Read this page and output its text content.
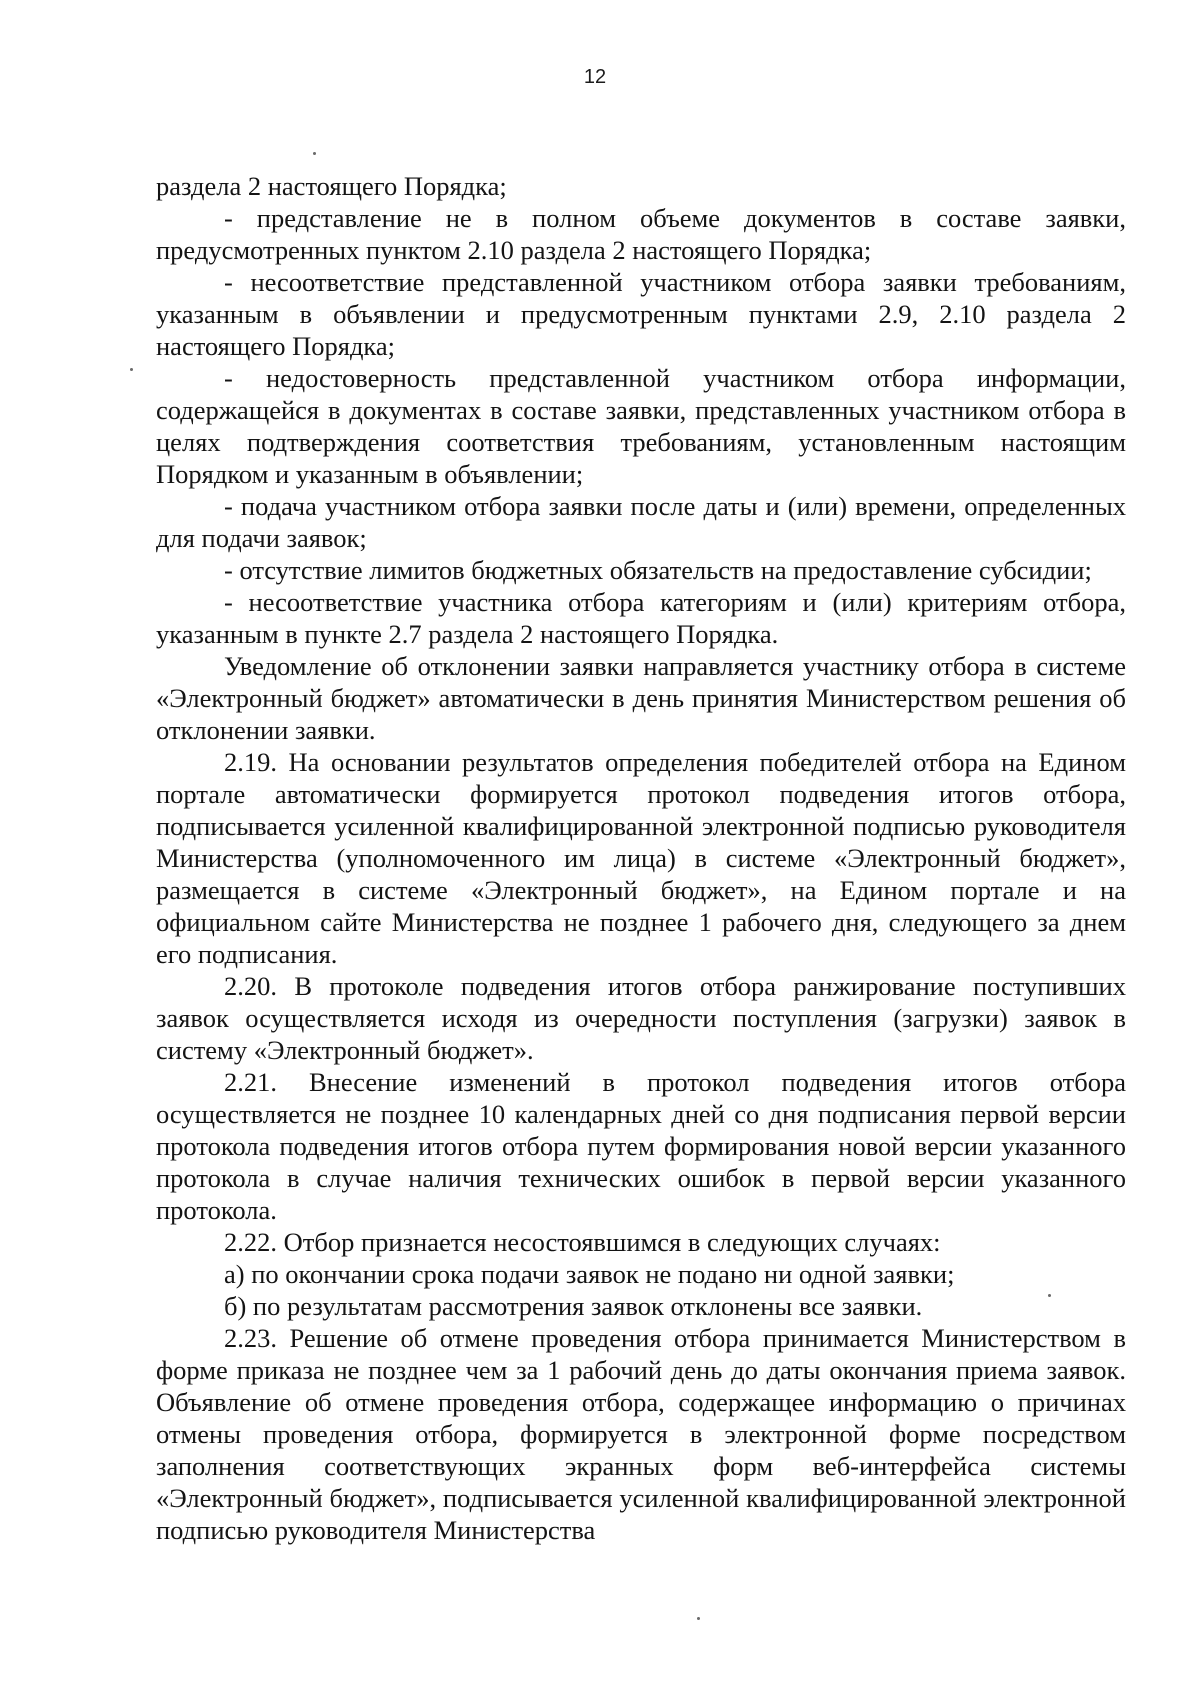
12

раздела 2 настоящего Порядка;

- представление не в полном объеме документов в составе заявки, предусмотренных пунктом 2.10 раздела 2 настоящего Порядка;

- несоответствие представленной участником отбора заявки требованиям, указанным в объявлении и предусмотренным пунктами 2.9, 2.10 раздела 2 настоящего Порядка;

- недостоверность представленной участником отбора информации, содержащейся в документах в составе заявки, представленных участником отбора в целях подтверждения соответствия требованиям, установленным настоящим Порядком и указанным в объявлении;

- подача участником отбора заявки после даты и (или) времени, определенных для подачи заявок;

- отсутствие лимитов бюджетных обязательств на предоставление субсидии;

- несоответствие участника отбора категориям и (или) критериям отбора, указанным в пункте 2.7 раздела 2 настоящего Порядка.

Уведомление об отклонении заявки направляется участнику отбора в системе «Электронный бюджет» автоматически в день принятия Министерством решения об отклонении заявки.

2.19. На основании результатов определения победителей отбора на Едином портале автоматически формируется протокол подведения итогов отбора, подписывается усиленной квалифицированной электронной подписью руководителя Министерства (уполномоченного им лица) в системе «Электронный бюджет», размещается в системе «Электронный бюджет», на Едином портале и на официальном сайте Министерства не позднее 1 рабочего дня, следующего за днем его подписания.

2.20. В протоколе подведения итогов отбора ранжирование поступивших заявок осуществляется исходя из очередности поступления (загрузки) заявок в систему «Электронный бюджет».

2.21. Внесение изменений в протокол подведения итогов отбора осуществляется не позднее 10 календарных дней со дня подписания первой версии протокола подведения итогов отбора путем формирования новой версии указанного протокола в случае наличия технических ошибок в первой версии указанного протокола.

2.22. Отбор признается несостоявшимся в следующих случаях:

а) по окончании срока подачи заявок не подано ни одной заявки;

б) по результатам рассмотрения заявок отклонены все заявки.

2.23. Решение об отмене проведения отбора принимается Министерством в форме приказа не позднее чем за 1 рабочий день до даты окончания приема заявок. Объявление об отмене проведения отбора, содержащее информацию о причинах отмены проведения отбора, формируется в электронной форме посредством заполнения соответствующих экранных форм веб-интерфейса системы «Электронный бюджет», подписывается усиленной квалифицированной электронной подписью руководителя Министерства
